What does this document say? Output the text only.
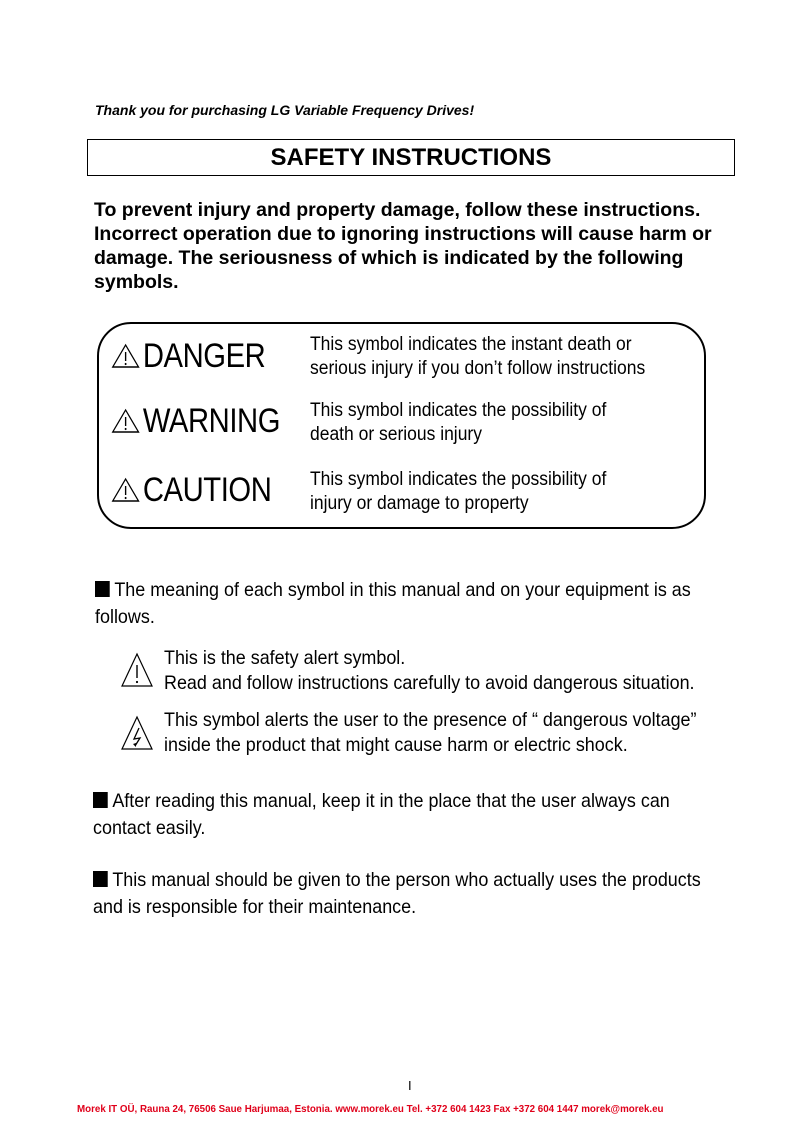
Thank you for purchasing LG Variable Frequency Drives!
SAFETY INSTRUCTIONS
To prevent injury and property damage, follow these instructions. Incorrect operation due to ignoring instructions will cause harm or damage. The seriousness of which is indicated by the following symbols.
DANGER This symbol indicates the instant death or
serious injury if you don’t follow instructions
WARNING This symbol indicates the possibility of
death or serious injury
CAUTION This symbol indicates the possibility of
injury or damage to property
The meaning of each symbol in this manual and on your equipment is as
follows.
This is the safety alert symbol.
Read and follow instructions carefully to avoid dangerous situation.
This symbol alerts the user to the presence of “ dangerous voltage”
inside the product that might cause harm or electric shock.
After reading this manual, keep it in the place that the user always can
contact easily.
This manual should be given to the person who actually uses the products
and is responsible for their maintenance.
I
Morek IT OÜ, Rauna 24, 76506 Saue Harjumaa, Estonia. www.morek.eu Tel. +372 604 1423 Fax +372 604 1447 morek@morek.eu
